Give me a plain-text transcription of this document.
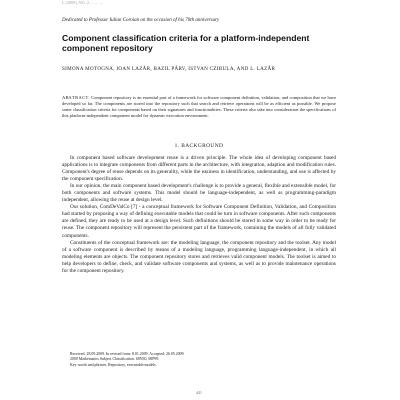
I. (2009), NO. 2, ... ... ...
Dedicated to Professor Iulian Coroian on the occasion of his 70th anniversary
Component classification criteria for a platform-independent component repository
SIMONA MOTOGNA, IOAN LAZĂR, BAZIL PÂRV, ISTVAN CZIBULA, AND L. LAZĂR
ABSTRACT. Component repository is an essential part of a framework for software component definition, validation, and composition that we have developed so far. The components are stored into the repository such that search and retrieve operations will be as efficient as possible. We propose some classification criteria for components based on their signatures and functionalities. These criteria also take into consideration the specifications of this platform-independent component model for dynamic execution environment.
1. BACKGROUND

In component based software development reuse is a driven principle. The whole idea of developing component based applications is to integrate components from different parts in the architecture, with integration, adaption and modification rules. Component's degree of reuse depends on its generality, while the easiness in identification, understanding, and use is affected by the component specification.

In our opinion, the main component based development's challenge is to provide a general, flexible and extensible model, for both components and software systems. This model should be language-independent, as well as programming-paradigm independent, allowing the reuse at design level.

Our solution, ComDeValCo [7] - a conceptual framework for Software Component Definition, Validation, and Composition had started by proposing a way of defining executable models that could be turn in software components. After such components are defined, they are ready to be used at a design level. Such definitions should be stored in some way in order to be ready for reuse. The component repository will represent the persistent part of the framework, containing the models of all fully validated components.

Constituents of the conceptual framework are: the modeling language, the component repository and the toolset. Any model of a software component is described by means of a modeling language, programming language-independent, in which all modeling elements are objects. The component repository stores and retrieves valid component models. The toolset is aimed to help developers to define, check, and validate software components and systems, as well as to provide maintenance operations for the component repository.

Received: 28.09.2009. In revised form: 8.01.2009. Accepted: 26.05.2009.
2000 Mathematics Subject Classification. 68N30, 68P99.
Key words and phrases. Repository, executable models.
441
